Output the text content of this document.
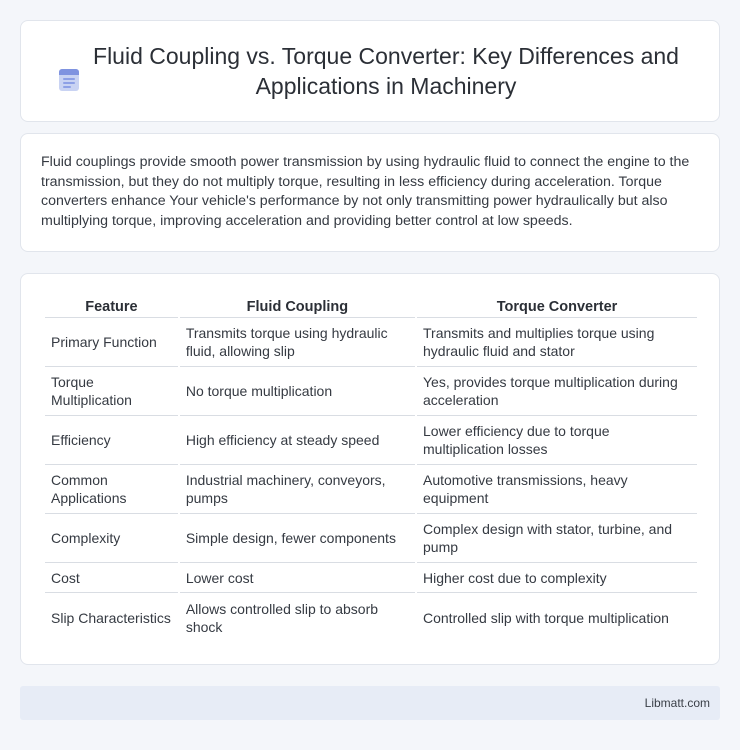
Fluid Coupling vs. Torque Converter: Key Differences and Applications in Machinery

Fluid couplings provide smooth power transmission by using hydraulic fluid to connect the engine to the transmission, but they do not multiply torque, resulting in less efficiency during acceleration. Torque converters enhance Your vehicle's performance by not only transmitting power hydraulically but also multiplying torque, improving acceleration and providing better control at low speeds.

Feature	Fluid Coupling	Torque Converter
Primary Function	Transmits torque using hydraulic fluid, allowing slip	Transmits and multiplies torque using hydraulic fluid and stator
Torque Multiplication	No torque multiplication	Yes, provides torque multiplication during acceleration
Efficiency	High efficiency at steady speed	Lower efficiency due to torque multiplication losses
Common Applications	Industrial machinery, conveyors, pumps	Automotive transmissions, heavy equipment
Complexity	Simple design, fewer components	Complex design with stator, turbine, and pump
Cost	Lower cost	Higher cost due to complexity
Slip Characteristics	Allows controlled slip to absorb shock	Controlled slip with torque multiplication
Libmatt.com
